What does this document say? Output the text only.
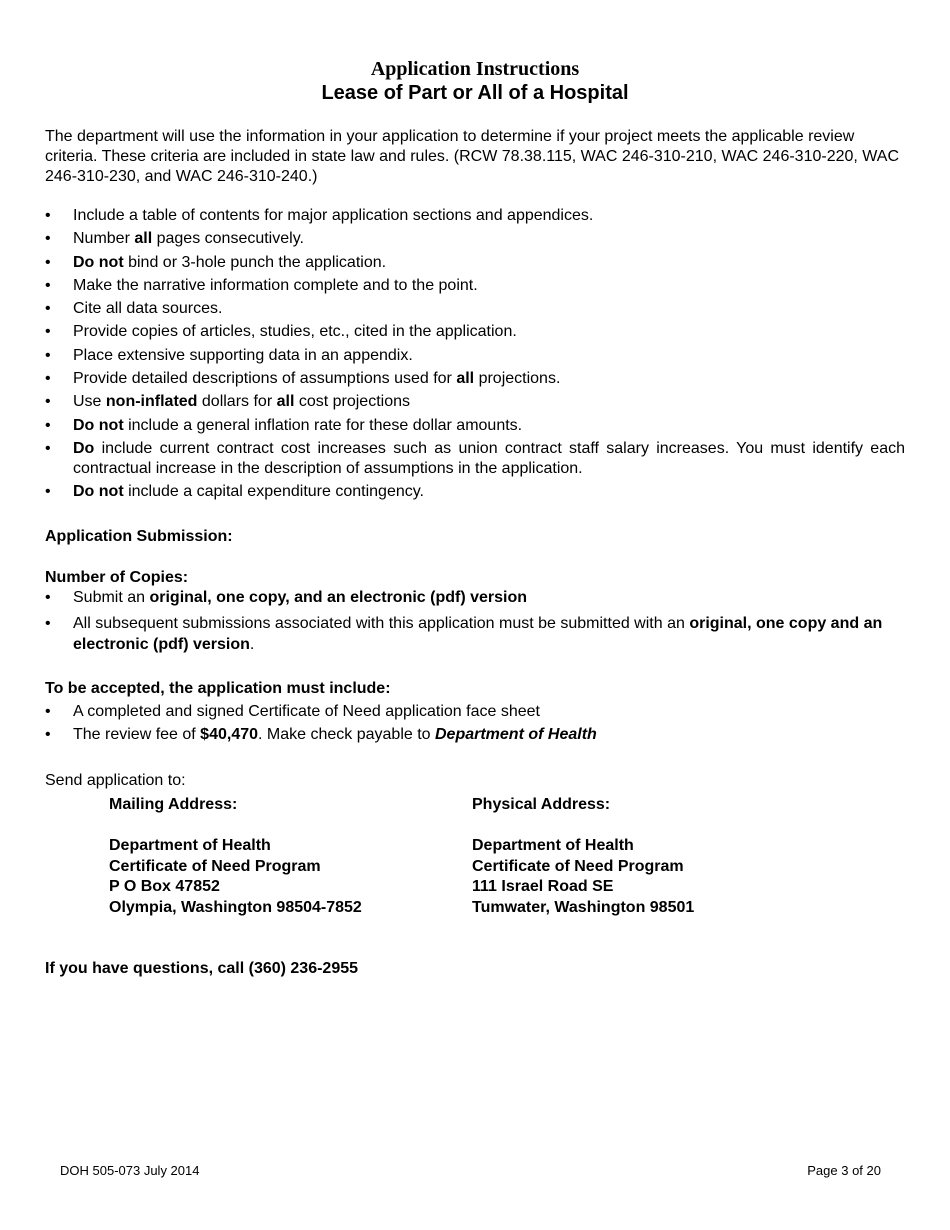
Application Instructions
Lease of Part or All of a Hospital
The department will use the information in your application to determine if your project meets the applicable review criteria. These criteria are included in state law and rules. (RCW 78.38.115, WAC 246-310-210, WAC 246-310-220, WAC 246-310-230, and WAC 246-310-240.)
• Include a table of contents for major application sections and appendices.
• Number all pages consecutively.
• Do not bind or 3-hole punch the application.
• Make the narrative information complete and to the point.
• Cite all data sources.
• Provide copies of articles, studies, etc., cited in the application.
• Place extensive supporting data in an appendix.
• Provide detailed descriptions of assumptions used for all projections.
• Use non-inflated dollars for all cost projections
• Do not include a general inflation rate for these dollar amounts.
• Do include current contract cost increases such as union contract staff salary increases. You must identify each contractual increase in the description of assumptions in the application.
• Do not include a capital expenditure contingency.
Application Submission:
Number of Copies:
• Submit an original, one copy, and an electronic (pdf) version
• All subsequent submissions associated with this application must be submitted with an original, one copy and an electronic (pdf) version.
To be accepted, the application must include:
• A completed and signed Certificate of Need application face sheet
• The review fee of $40,470. Make check payable to Department of Health
Send application to:
Mailing Address:
Department of Health
Certificate of Need Program
P O Box 47852
Olympia, Washington 98504-7852
Physical Address:
Department of Health
Certificate of Need Program
111 Israel Road SE
Tumwater, Washington 98501
If you have questions, call (360) 236-2955
DOH 505-073 July 2014	Page 3 of 20
